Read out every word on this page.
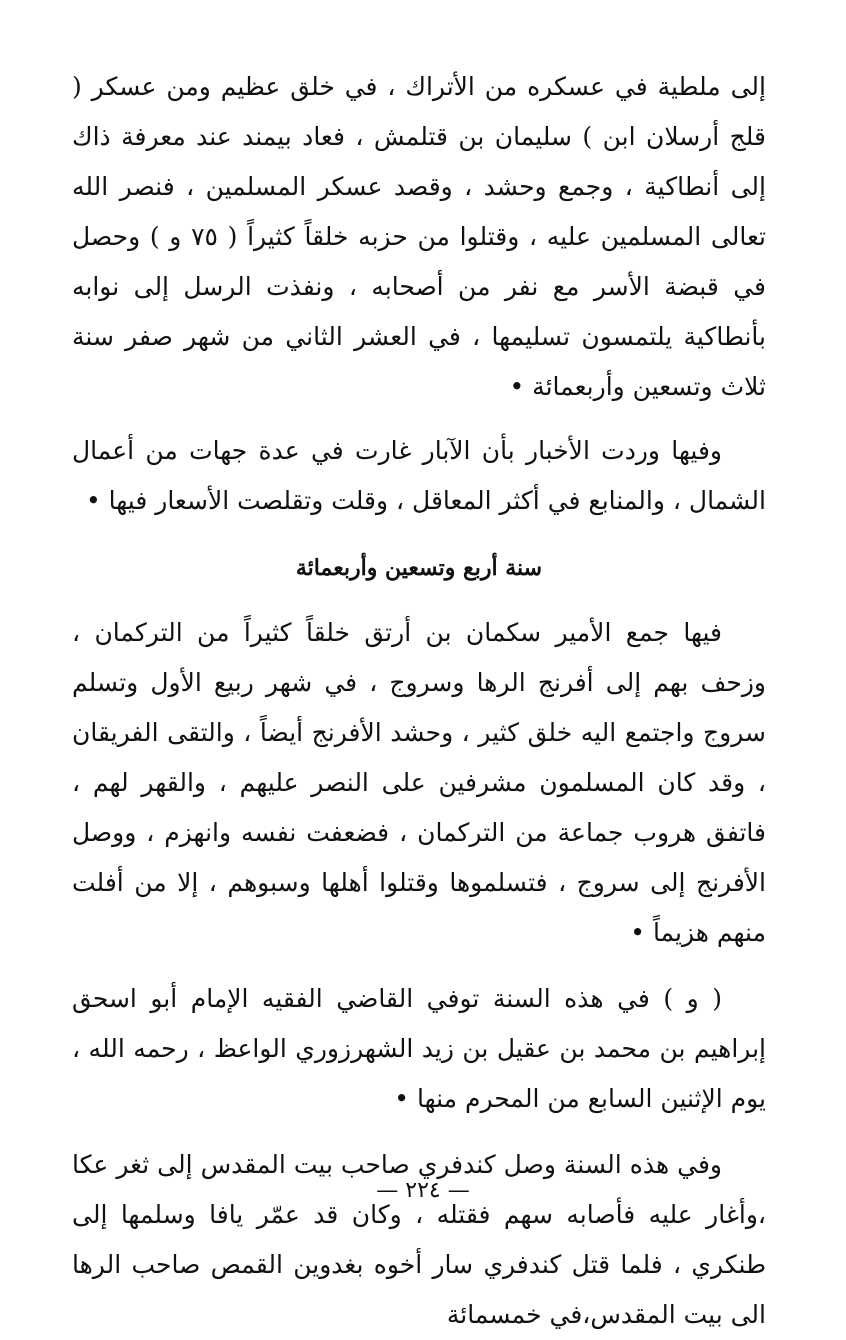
إلى ملطية في عسكره من الأتراك ، في خلق عظيم ومن عسكر ( قلج أرسلان ابن ) سليمان بن قتلمش ، فعاد بيمند عند معرفة ذاك إلى أنطاكية ، وجمع وحشد ، وقصد عسكر المسلمين ، فنصر الله تعالى المسلمين عليه ، وقتلوا من حزبه خلقاً كثيراً ( ٧٥ و ) وحصل في قبضة الأسر مع نفر من أصحابه ، ونفذت الرسل إلى نوابه بأنطاكية يلتمسون تسليمها ، في العشر الثاني من شهر صفر سنة ثلاث وتسعين وأربعمائة •

وفيها وردت الأخبار بأن الآبار غارت في عدة جهات من أعمال الشمال ، والمنابع في أكثر المعاقل ، وقلت وتقلصت الأسعار فيها •

سنة أربع وتسعين وأربعمائة

فيها جمع الأمير سكمان بن أرتق خلقاً كثيراً من التركمان ، وزحف بهم إلى أفرنج الرها وسروج ، في شهر ربيع الأول وتسلم سروج واجتمع اليه خلق كثير ، وحشد الأفرنج أيضاً ، والتقى الفريقان ، وقد كان المسلمون مشرفين على النصر عليهم ، والقهر لهم ، فاتفق هروب جماعة من التركمان ، فضعفت نفسه وانهزم ، ووصل الأفرنج إلى سروج ، فتسلموها وقتلوا أهلها وسبوهم ، إلا من أفلت منهم هزيماً •

( و ) في هذه السنة توفي القاضي الفقيه الإمام أبو اسحق إبراهيم بن محمد بن عقيل بن زيد الشهرزوري الواعظ ، رحمه الله ، يوم الإثنين السابع من المحرم منها •

وفي هذه السنة وصل كندفري صاحب بيت المقدس إلى ثغر عكا ،وأغار عليه فأصابه سهم فقتله ، وكان قد عمّر يافا وسلمها إلى طنكري ، فلما قتل كندفري سار أخوه بغدوين القمص صاحب الرها الى بيت المقدس،في خمسمائة

— ٢٢٤ —
